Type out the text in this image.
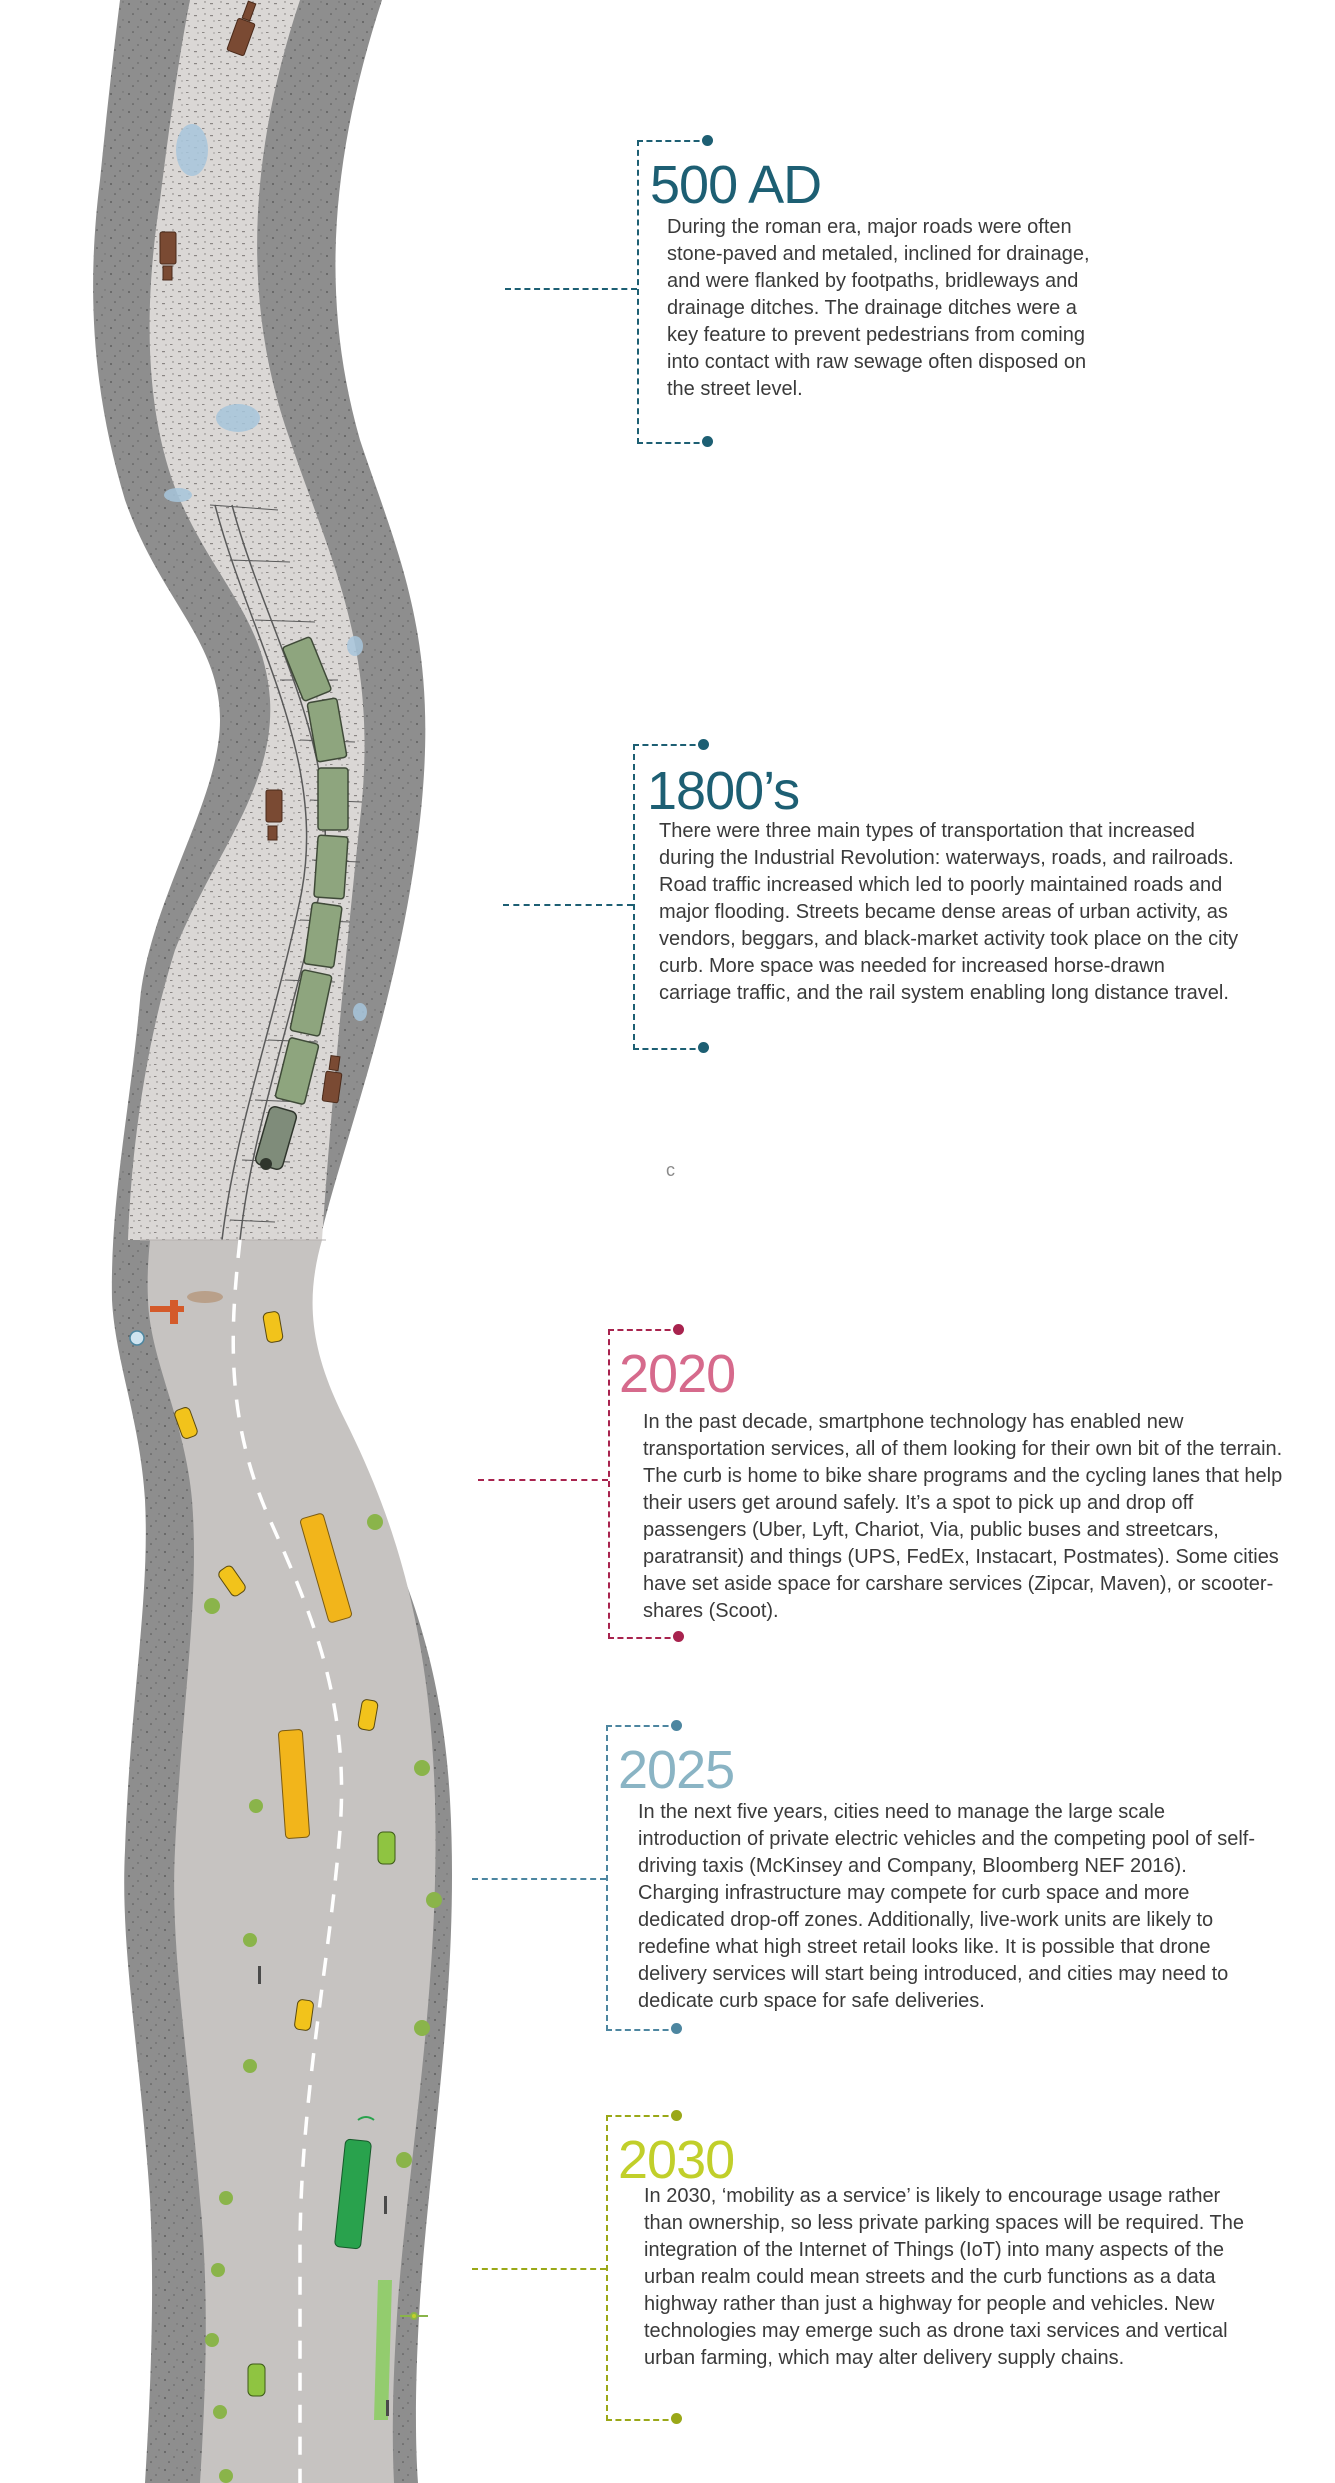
500 AD
During the roman era, major roads were often stone-paved and metaled, inclined for drainage, and were flanked by footpaths, bridleways and drainage ditches. The drainage ditches were a key feature to prevent pedestrians from coming into contact with raw sewage often disposed on the street level.
1800’s
There were three main types of transportation that increased during the Industrial Revolution: waterways, roads, and railroads. Road traffic increased which led to poorly maintained roads and major flooding. Streets became dense areas of urban activity, as vendors, beggars, and black-market activity took place on the city curb. More space was needed for increased horse-drawn carriage traffic, and the rail system enabling long distance travel.
2020
In the past decade, smartphone technology has enabled new transportation services, all of them looking for their own bit of the terrain. The curb is home to bike share programs and the cycling lanes that help their users get around safely. It’s a spot to pick up and drop off passengers (Uber, Lyft, Chariot, Via, public buses and streetcars, paratransit) and things (UPS, FedEx, Instacart, Postmates). Some cities have set aside space for carshare services (Zipcar, Maven), or scooter-shares (Scoot).
2025
In the next five years, cities need to manage the large scale introduction of private electric vehicles and the competing pool of self-driving taxis (McKinsey and Company, Bloomberg NEF 2016). Charging infrastructure may compete for curb space and more dedicated drop-off zones. Additionally, live-work units are likely to redefine what high street retail looks like. It is possible that drone delivery services will start being introduced, and cities may need to dedicate curb space for safe deliveries.
2030
In 2030, ‘mobility as a service’ is likely to encourage usage rather than ownership, so less private parking spaces will be required. The integration of the Internet of Things (IoT) into many aspects of the urban realm could mean streets and the curb functions as a data highway rather than just a highway for people and vehicles. New technologies may emerge such as drone taxi services and vertical urban farming, which may alter delivery supply chains.
c
